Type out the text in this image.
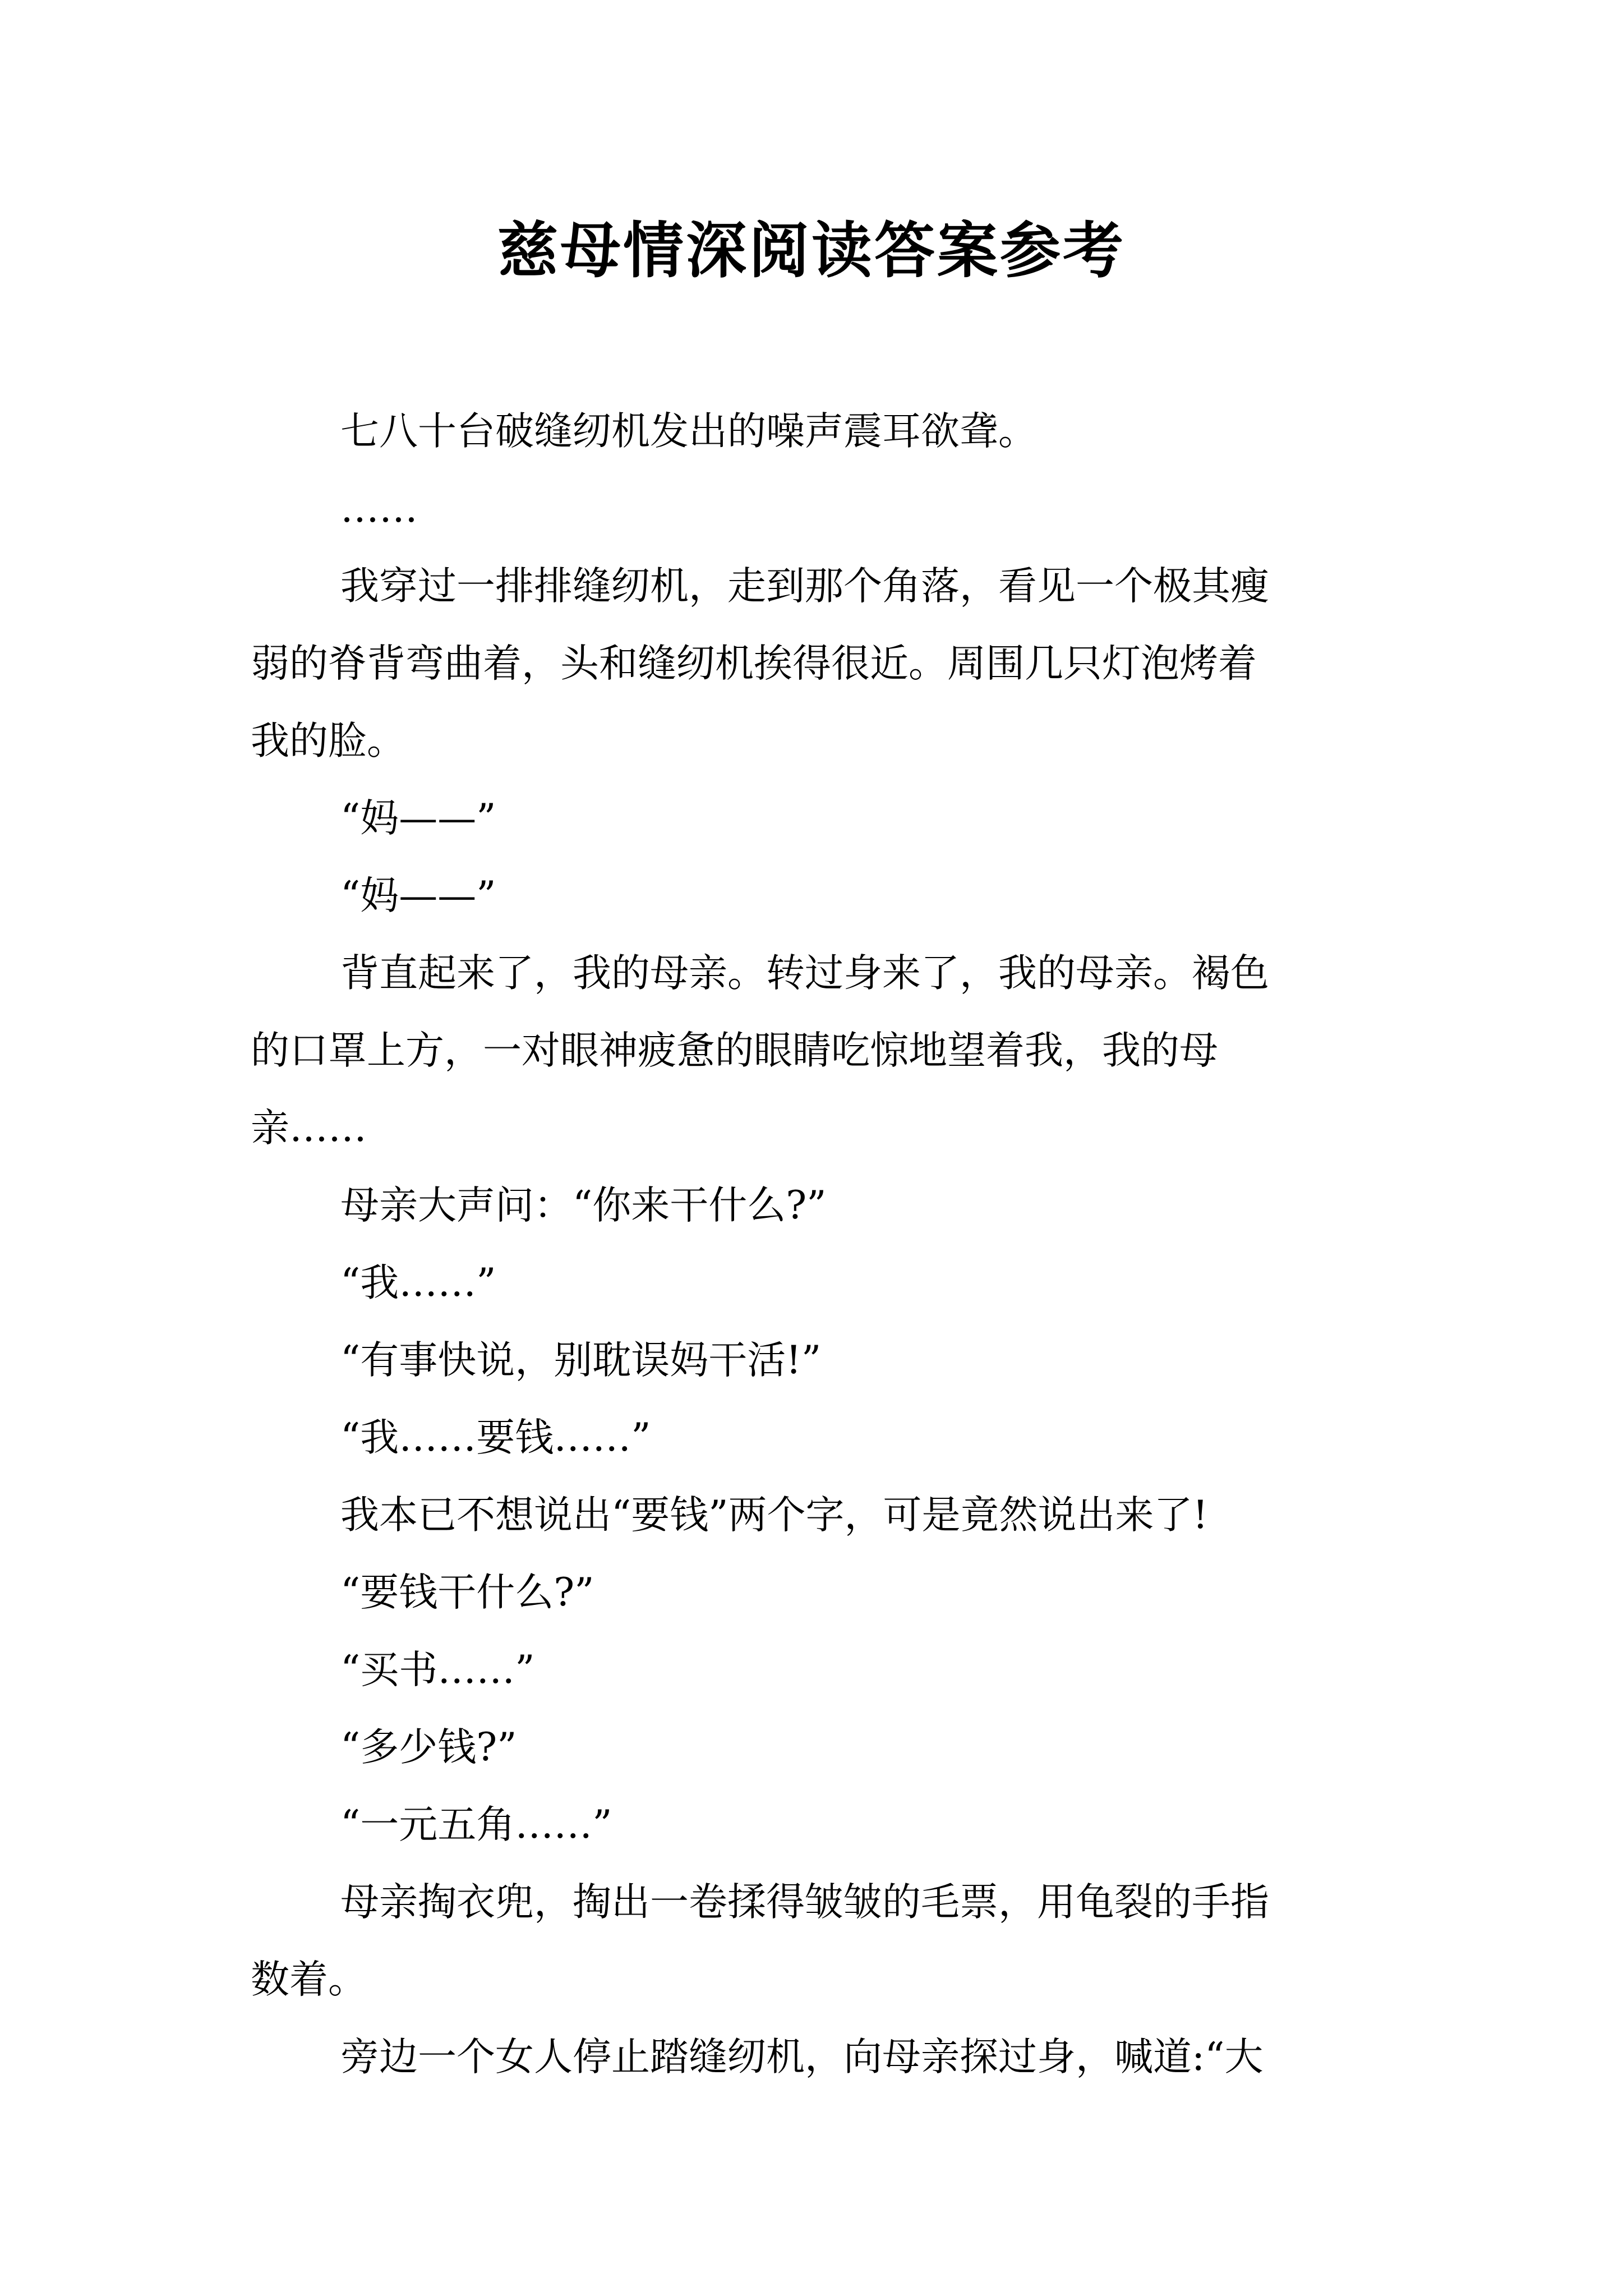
慈母情深阅读答案参考
七八十台破缝纫机发出的噪声震耳欲聋。
……
我穿过一排排缝纫机，走到那个角落，看见一个极其瘦
弱的脊背弯曲着，头和缝纫机挨得很近。周围几只灯泡烤着
我的脸。
“妈——”
“妈——”
背直起来了，我的母亲。转过身来了，我的母亲。褐色
的口罩上方，一对眼神疲惫的眼睛吃惊地望着我，我的母
亲……
母亲大声问：“你来干什么?”
“我……”
“有事快说，别耽误妈干活!”
“我……要钱……”
我本已不想说出“要钱”两个字，可是竟然说出来了!
“要钱干什么?”
“买书……”
“多少钱?”
“一元五角……”
母亲掏衣兜，掏出一卷揉得皱皱的毛票，用龟裂的手指
数着。
旁边一个女人停止踏缝纫机，向母亲探过身，喊道:“大
